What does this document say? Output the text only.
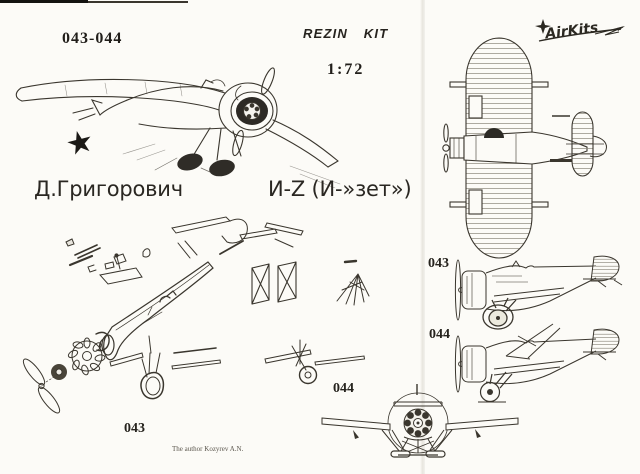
043-044	REZIN KIT
1:72
AirKits
★
Д.Григорович	И-Z (И-»зет»)
043
044
The author Kozyrev A.N.
043
044
